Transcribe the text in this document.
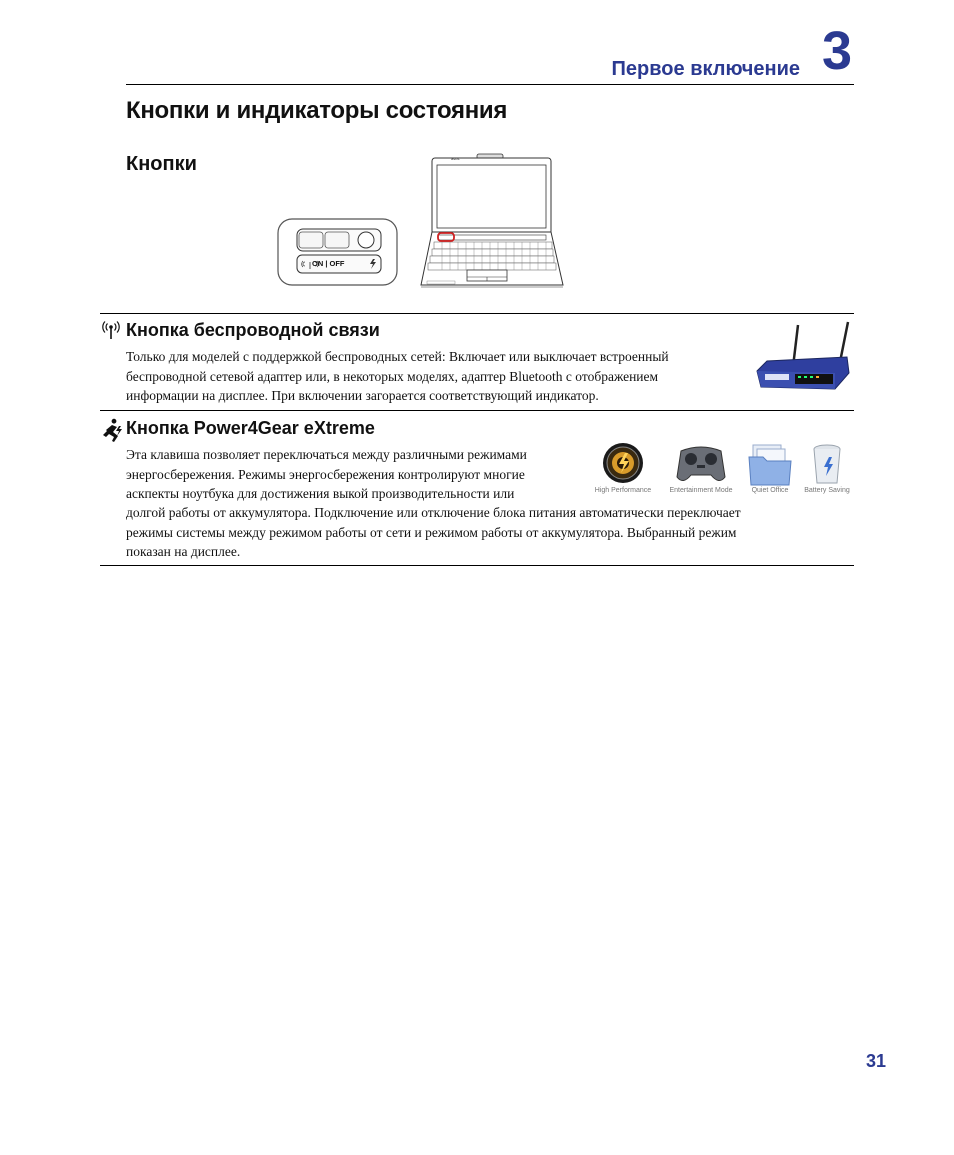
Первое включение 3
Кнопки и индикаторы состояния
Кнопки
ON | OFF
asus
Кнопка беспроводной связи
Только для моделей с поддержкой беспроводных сетей: Включает или выключает встроенный
беспроводной сетевой адаптер или, в некоторых моделях, адаптер Bluetooth с отображением
информации на дисплее. При включении загорается соответствующий индикатор.
Кнопка Power4Gear eXtreme
Эта клавиша позволяет переключаться между различными режимами
энергосбережения. Режимы энергосбережения контролируют многие
аскпекты ноутбука для достижения выкой производительности или
долгой работы от аккумулятора. Подключение или отключение блока питания автоматически переключает
режимы системы между режимом работы от сети и режимом работы от аккумулятора. Выбранный режим
показан на дисплее.
High Performance	Entertainment Mode	Quiet Office	Battery Saving
31
